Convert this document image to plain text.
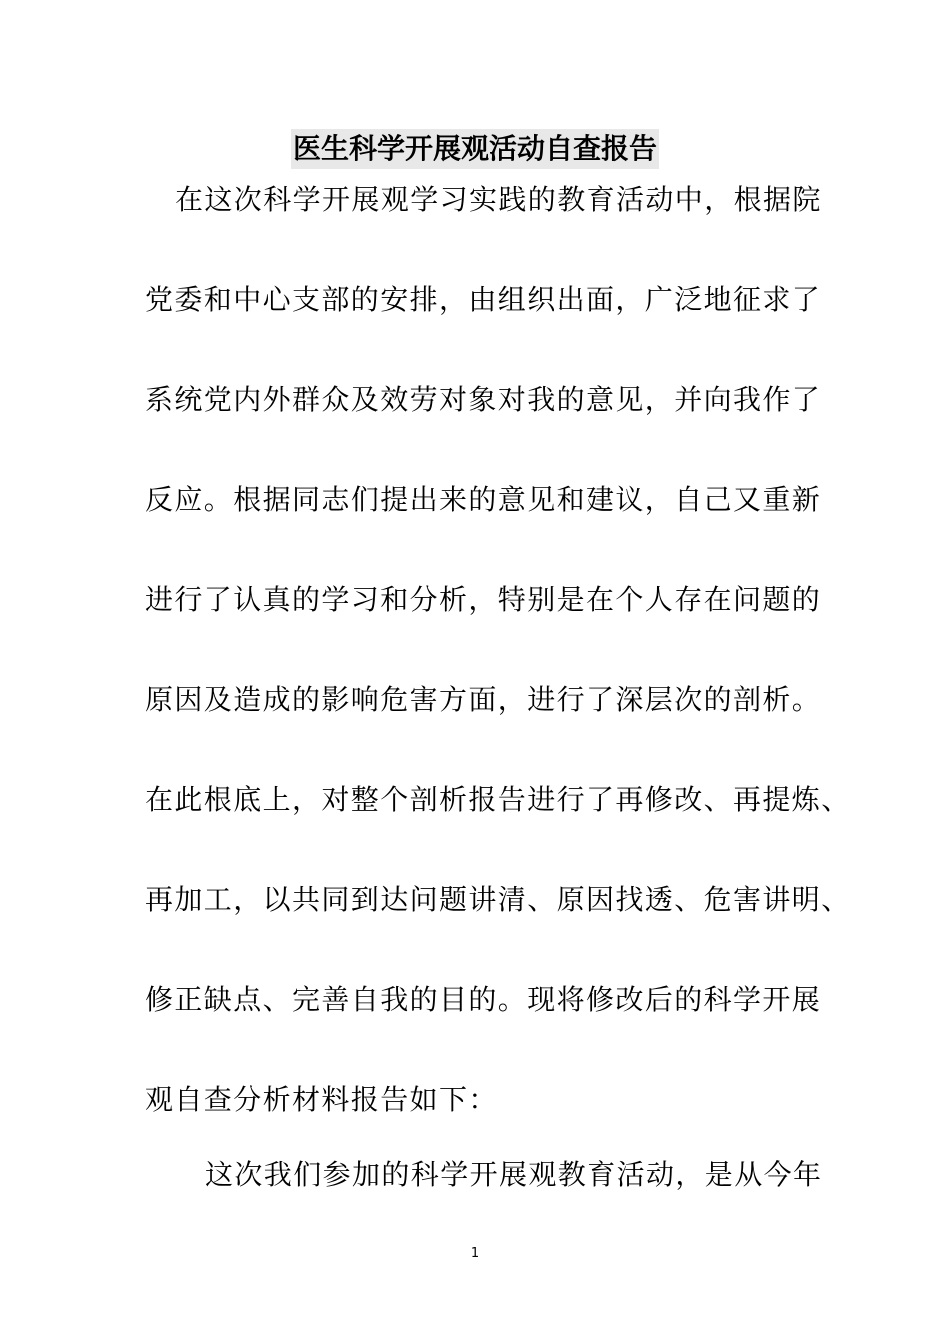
医生科学开展观活动自查报告

在这次科学开展观学习实践的教育活动中，根据院

党委和中心支部的安排，由组织出面，广泛地征求了

系统党内外群众及效劳对象对我的意见，并向我作了

反应。根据同志们提出来的意见和建议，自己又重新

进行了认真的学习和分析，特别是在个人存在问题的

原因及造成的影响危害方面，进行了深层次的剖析。

在此根底上，对整个剖析报告进行了再修改、再提炼、

再加工，以共同到达问题讲清、原因找透、危害讲明、

修正缺点、完善自我的目的。现将修改后的科学开展

观自查分析材料报告如下：

这次我们参加的科学开展观教育活动，是从今年

1
